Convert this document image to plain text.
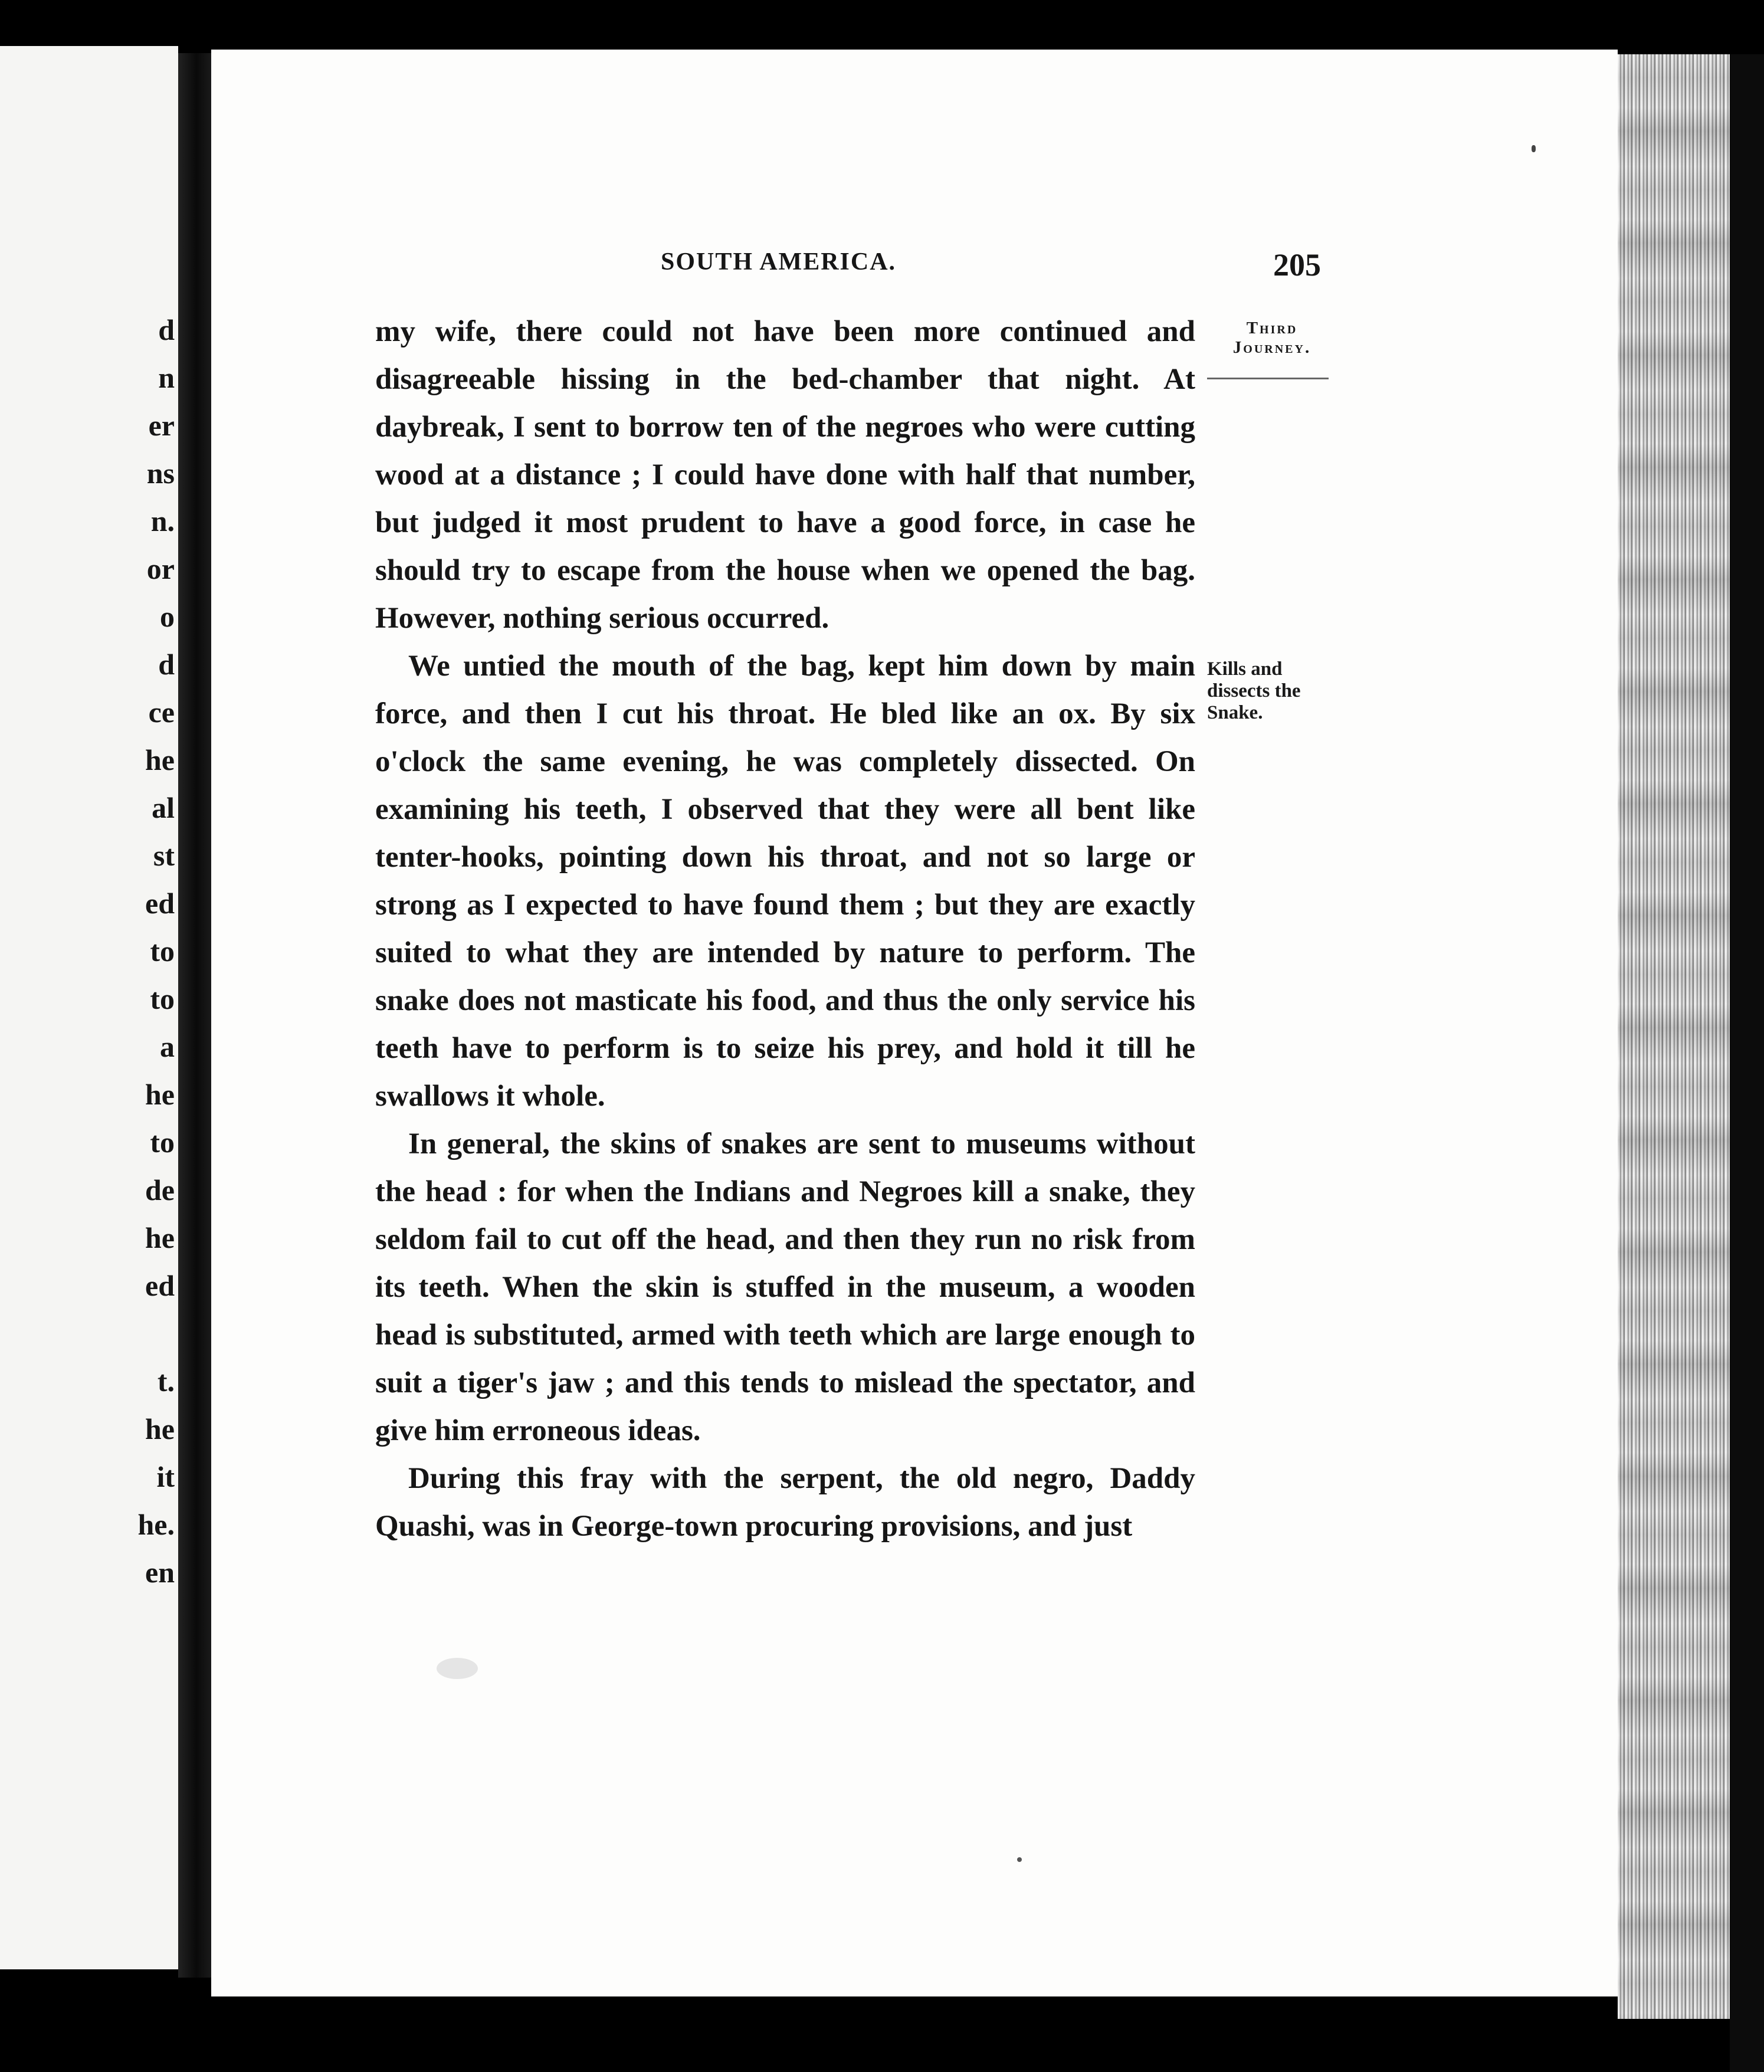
d
n
er
ns
n.
or
o
d
ce
he
al
st
ed
to
to
a
he
to
de
he
ed
t.
he
it
he.
en
SOUTH AMERICA.	205
Third
Journey.
Kills and
dissects the
Snake.

my wife, there could not have been more continued and disagreeable hissing in the bed-chamber that night. At daybreak, I sent to borrow ten of the negroes who were cutting wood at a distance ; I could have done with half that number, but judged it most prudent to have a good force, in case he should try to escape from the house when we opened the bag. However, nothing serious occurred.

We untied the mouth of the bag, kept him down by main force, and then I cut his throat. He bled like an ox. By six o'clock the same evening, he was completely dissected. On examining his teeth, I observed that they were all bent like tenter-hooks, pointing down his throat, and not so large or strong as I expected to have found them ; but they are exactly suited to what they are intended by nature to perform. The snake does not masticate his food, and thus the only service his teeth have to perform is to seize his prey, and hold it till he swallows it whole.

In general, the skins of snakes are sent to museums without the head : for when the Indians and Negroes kill a snake, they seldom fail to cut off the head, and then they run no risk from its teeth. When the skin is stuffed in the museum, a wooden head is substituted, armed with teeth which are large enough to suit a tiger's jaw ; and this tends to mislead the spectator, and give him erroneous ideas.

During this fray with the serpent, the old negro, Daddy Quashi, was in George-town procuring provisions, and just
